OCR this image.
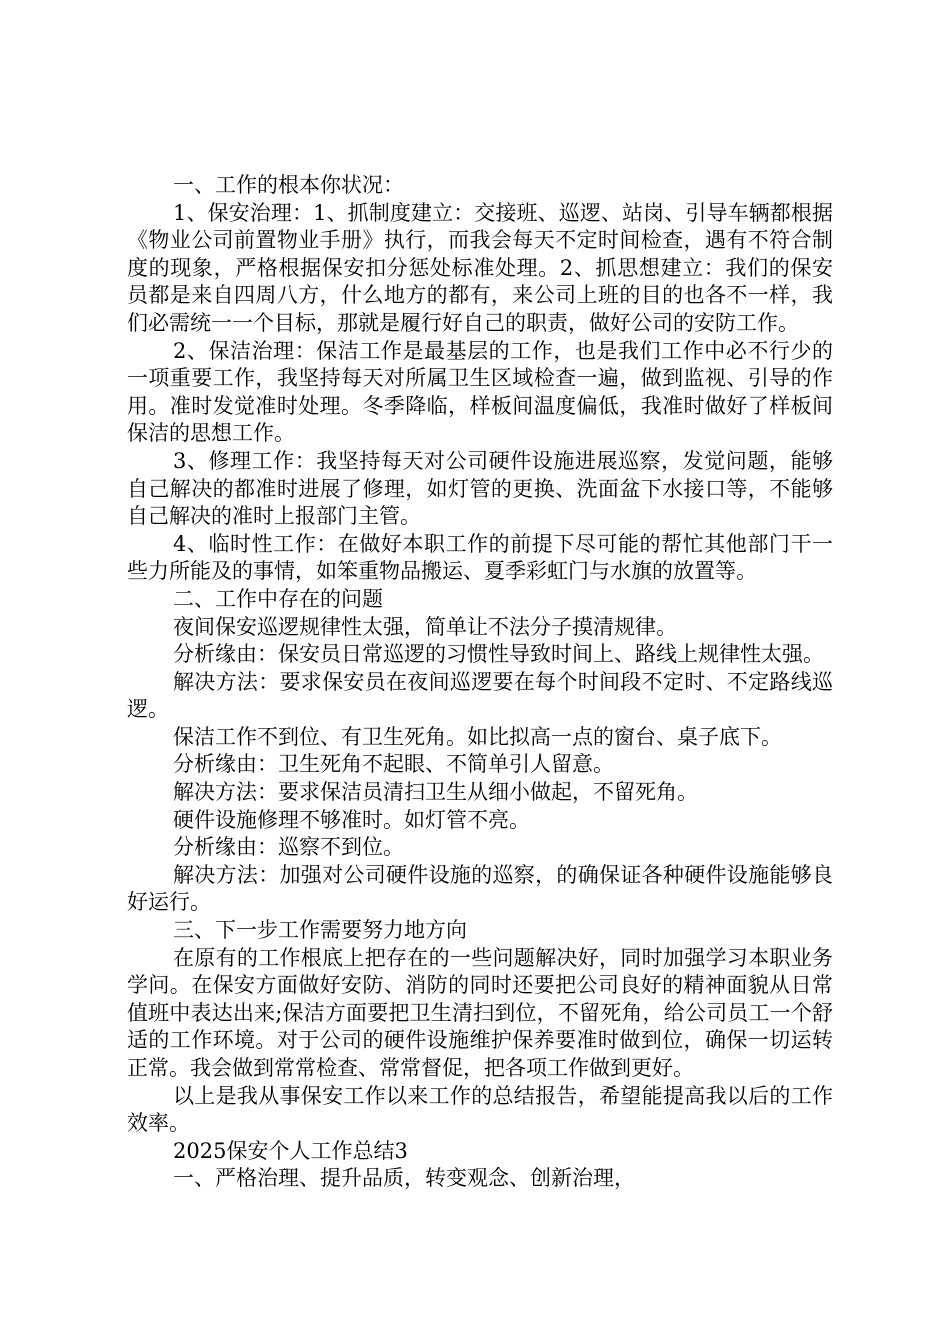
一、工作的根本你状况：

1、保安治理：1、抓制度建立：交接班、巡逻、站岗、引导车辆都根据《物业公司前置物业手册》执行，而我会每天不定时间检查，遇有不符合制度的现象，严格根据保安扣分惩处标准处理。2、抓思想建立：我们的保安员都是来自四周八方，什么地方的都有，来公司上班的目的也各不一样，我们必需统一一个目标，那就是履行好自己的职责，做好公司的安防工作。

2、保洁治理：保洁工作是最基层的工作，也是我们工作中必不行少的一项重要工作，我坚持每天对所属卫生区域检查一遍，做到监视、引导的作用。准时发觉准时处理。冬季降临，样板间温度偏低，我准时做好了样板间保洁的思想工作。

3、修理工作：我坚持每天对公司硬件设施进展巡察，发觉问题，能够自己解决的都准时进展了修理，如灯管的更换、洗面盆下水接口等，不能够自己解决的准时上报部门主管。

4、临时性工作：在做好本职工作的前提下尽可能的帮忙其他部门干一些力所能及的事情，如笨重物品搬运、夏季彩虹门与水旗的放置等。

二、工作中存在的问题

夜间保安巡逻规律性太强，简单让不法分子摸清规律。

分析缘由：保安员日常巡逻的习惯性导致时间上、路线上规律性太强。

解决方法：要求保安员在夜间巡逻要在每个时间段不定时、不定路线巡逻。

保洁工作不到位、有卫生死角。如比拟高一点的窗台、桌子底下。

分析缘由：卫生死角不起眼、不简单引人留意。

解决方法：要求保洁员清扫卫生从细小做起，不留死角。

硬件设施修理不够准时。如灯管不亮。

分析缘由：巡察不到位。

解决方法：加强对公司硬件设施的巡察，的确保证各种硬件设施能够良好运行。

三、下一步工作需要努力地方向

在原有的工作根底上把存在的一些问题解决好，同时加强学习本职业务学问。在保安方面做好安防、消防的同时还要把公司良好的精神面貌从日常值班中表达出来;保洁方面要把卫生清扫到位，不留死角，给公司员工一个舒适的工作环境。对于公司的硬件设施维护保养要准时做到位，确保一切运转正常。我会做到常常检查、常常督促，把各项工作做到更好。

以上是我从事保安工作以来工作的总结报告，希望能提高我以后的工作效率。

2025保安个人工作总结3

一、严格治理、提升品质，转变观念、创新治理，
